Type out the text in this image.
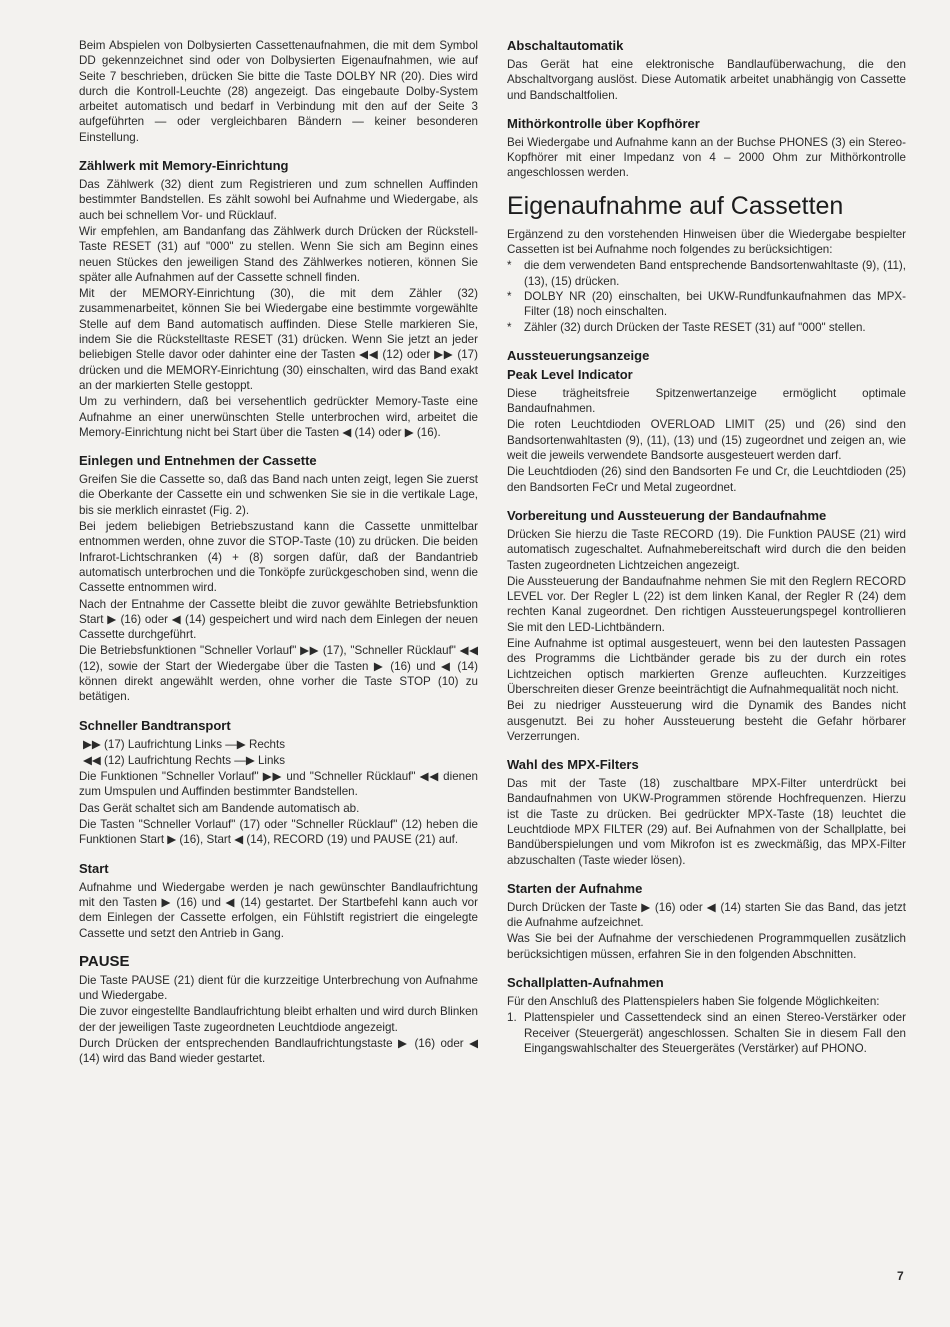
Beim Abspielen von Dolbysierten Cassettenaufnahmen, die mit dem Symbol DD gekennzeichnet sind oder von Dolbysierten Eigenaufnahmen, wie auf Seite 7 beschrieben, drücken Sie bitte die Taste DOLBY NR (20). Dies wird durch die Kontroll-Leuchte (28) angezeigt. Das eingebaute Dolby-System arbeitet automatisch und bedarf in Verbindung mit den auf der Seite 3 aufgeführten — oder vergleichbaren Bändern — keiner besonderen Einstellung.

Zählwerk mit Memory-Einrichtung

Das Zählwerk (32) dient zum Registrieren und zum schnellen Auffinden bestimmter Bandstellen. Es zählt sowohl bei Aufnahme und Wiedergabe, als auch bei schnellem Vor- und Rücklauf.

Wir empfehlen, am Bandanfang das Zählwerk durch Drücken der Rückstell-Taste RESET (31) auf "000" zu stellen. Wenn Sie sich am Beginn eines neuen Stückes den jeweiligen Stand des Zählwerkes notieren, können Sie später alle Aufnahmen auf der Cassette schnell finden.

Mit der MEMORY-Einrichtung (30), die mit dem Zähler (32) zusammenarbeitet, können Sie bei Wiedergabe eine bestimmte vorgewählte Stelle auf dem Band automatisch auffinden. Diese Stelle markieren Sie, indem Sie die Rückstelltaste RESET (31) drücken. Wenn Sie jetzt an jeder beliebigen Stelle davor oder dahinter eine der Tasten ◀◀ (12) oder ▶▶ (17) drücken und die MEMORY-Einrichtung (30) einschalten, wird das Band exakt an der markierten Stelle gestoppt.

Um zu verhindern, daß bei versehentlich gedrückter Memory-Taste eine Aufnahme an einer unerwünschten Stelle unterbrochen wird, arbeitet die Memory-Einrichtung nicht bei Start über die Tasten ◀ (14) oder ▶ (16).

Einlegen und Entnehmen der Cassette

Greifen Sie die Cassette so, daß das Band nach unten zeigt, legen Sie zuerst die Oberkante der Cassette ein und schwenken Sie sie in die vertikale Lage, bis sie merklich einrastet (Fig. 2).

Bei jedem beliebigen Betriebszustand kann die Cassette unmittelbar entnommen werden, ohne zuvor die STOP-Taste (10) zu drücken. Die beiden Infrarot-Lichtschranken (4) + (8) sorgen dafür, daß der Bandantrieb automatisch unterbrochen und die Tonköpfe zurückgeschoben sind, wenn die Cassette entnommen wird.

Nach der Entnahme der Cassette bleibt die zuvor gewählte Betriebsfunktion Start ▶ (16) oder ◀ (14) gespeichert und wird nach dem Einlegen der neuen Cassette durchgeführt.

Die Betriebsfunktionen "Schneller Vorlauf" ▶▶ (17), "Schneller Rücklauf" ◀◀ (12), sowie der Start der Wiedergabe über die Tasten ▶ (16) und ◀ (14) können direkt angewählt werden, ohne vorher die Taste STOP (10) zu betätigen.

Schneller Bandtransport

▶▶ (17) Laufrichtung Links —▶ Rechts

◀◀ (12) Laufrichtung Rechts —▶ Links

Die Funktionen "Schneller Vorlauf" ▶▶ und "Schneller Rücklauf" ◀◀ dienen zum Umspulen und Auffinden bestimmter Bandstellen.

Das Gerät schaltet sich am Bandende automatisch ab.

Die Tasten "Schneller Vorlauf" (17) oder "Schneller Rücklauf" (12) heben die Funktionen Start ▶ (16), Start ◀ (14), RECORD (19) und PAUSE (21) auf.

Start

Aufnahme und Wiedergabe werden je nach gewünschter Bandlaufrichtung mit den Tasten ▶ (16) und ◀ (14) gestartet. Der Startbefehl kann auch vor dem Einlegen der Cassette erfolgen, ein Fühlstift registriert die eingelegte Cassette und setzt den Antrieb in Gang.

PAUSE

Die Taste PAUSE (21) dient für die kurzzeitige Unterbrechung von Aufnahme und Wiedergabe.

Die zuvor eingestellte Bandlaufrichtung bleibt erhalten und wird durch Blinken der der jeweiligen Taste zugeordneten Leuchtdiode angezeigt.

Durch Drücken der entsprechenden Bandlaufrichtungstaste ▶ (16) oder ◀ (14) wird das Band wieder gestartet.

Abschaltautomatik

Das Gerät hat eine elektronische Bandlaufüberwachung, die den Abschaltvorgang auslöst. Diese Automatik arbeitet unabhängig von Cassette und Bandschaltfolien.

Mithörkontrolle über Kopfhörer

Bei Wiedergabe und Aufnahme kann an der Buchse PHONES (3) ein Stereo-Kopfhörer mit einer Impedanz von 4 – 2000 Ohm zur Mithörkontrolle angeschlossen werden.

Eigenaufnahme auf Cassetten

Ergänzend zu den vorstehenden Hinweisen über die Wiedergabe bespielter Cassetten ist bei Aufnahme noch folgendes zu berücksichtigen:

* die dem verwendeten Band entsprechende Bandsortenwahltaste (9), (11), (13), (15) drücken.
* DOLBY NR (20) einschalten, bei UKW-Rundfunkaufnahmen das MPX-Filter (18) noch einschalten.
* Zähler (32) durch Drücken der Taste RESET (31) auf "000" stellen.
Aussteuerungsanzeige
Peak Level Indicator

Diese trägheitsfreie Spitzenwertanzeige ermöglicht optimale Bandaufnahmen.

Die roten Leuchtdioden OVERLOAD LIMIT (25) und (26) sind den Bandsortenwahltasten (9), (11), (13) und (15) zugeordnet und zeigen an, wie weit die jeweils verwendete Bandsorte ausgesteuert werden darf.

Die Leuchtdioden (26) sind den Bandsorten Fe und Cr, die Leuchtdioden (25) den Bandsorten FeCr und Metal zugeordnet.

Vorbereitung und Aussteuerung der Bandaufnahme

Drücken Sie hierzu die Taste RECORD (19). Die Funktion PAUSE (21) wird automatisch zugeschaltet. Aufnahmebereitschaft wird durch die den beiden Tasten zugeordneten Lichtzeichen angezeigt.

Die Aussteuerung der Bandaufnahme nehmen Sie mit den Reglern RECORD LEVEL vor. Der Regler L (22) ist dem linken Kanal, der Regler R (24) dem rechten Kanal zugeordnet. Den richtigen Aussteuerungspegel kontrollieren Sie mit den LED-Lichtbändern.

Eine Aufnahme ist optimal ausgesteuert, wenn bei den lautesten Passagen des Programms die Lichtbänder gerade bis zu der durch ein rotes Lichtzeichen optisch markierten Grenze aufleuchten. Kurzzeitiges Überschreiten dieser Grenze beeinträchtigt die Aufnahmequalität noch nicht.

Bei zu niedriger Aussteuerung wird die Dynamik des Bandes nicht ausgenutzt. Bei zu hoher Aussteuerung besteht die Gefahr hörbarer Verzerrungen.

Wahl des MPX-Filters

Das mit der Taste (18) zuschaltbare MPX-Filter unterdrückt bei Bandaufnahmen von UKW-Programmen störende Hochfrequenzen. Hierzu ist die Taste zu drücken. Bei gedrückter MPX-Taste (18) leuchtet die Leuchtdiode MPX FILTER (29) auf. Bei Aufnahmen von der Schallplatte, bei Bandüberspielungen und vom Mikrofon ist es zweckmäßig, das MPX-Filter abzuschalten (Taste wieder lösen).

Starten der Aufnahme

Durch Drücken der Taste ▶ (16) oder ◀ (14) starten Sie das Band, das jetzt die Aufnahme aufzeichnet.

Was Sie bei der Aufnahme der verschiedenen Programmquellen zusätzlich berücksichtigen müssen, erfahren Sie in den folgenden Abschnitten.

Schallplatten-Aufnahmen

Für den Anschluß des Plattenspielers haben Sie folgende Möglichkeiten:

1. Plattenspieler und Cassettendeck sind an einen Stereo-Verstärker oder Receiver (Steuergerät) angeschlossen. Schalten Sie in diesem Fall den Eingangswahlschalter des Steuergerätes (Verstärker) auf PHONO.
7
